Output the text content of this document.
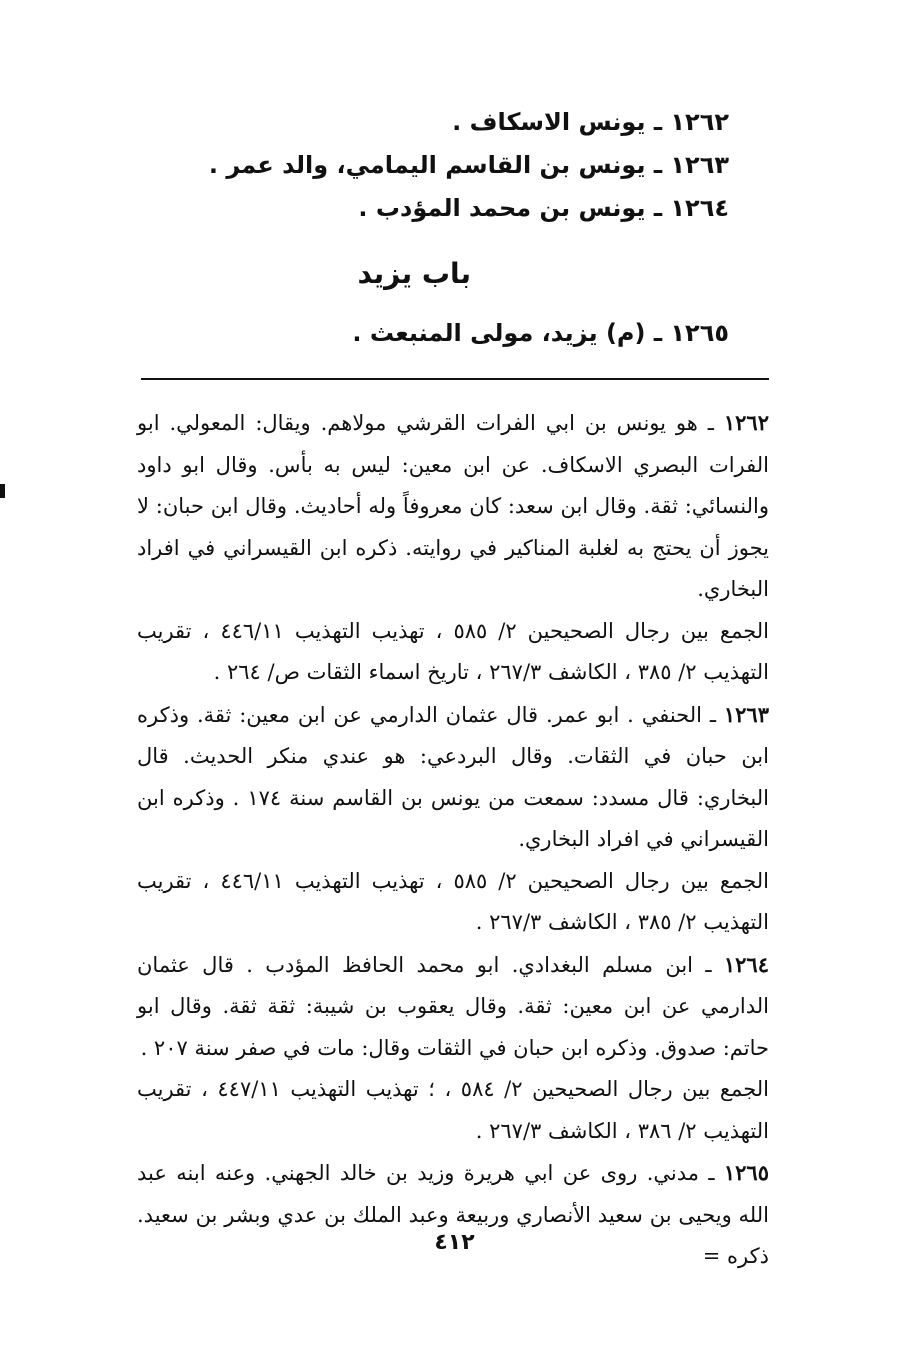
١٢٦٢ ـ يونس الاسكاف .
١٢٦٣ ـ يونس بن القاسم اليمامي، والد عمر .
١٢٦٤ ـ يونس بن محمد المؤدب .
باب يزيد
١٢٦٥ ـ (م) يزيد، مولى المنبعث .

١٢٦٢ ـ هو يونس بن ابي الفرات القرشي مولاهم. ويقال: المعولي. ابو الفرات البصري الاسكاف. عن ابن معين: ليس به بأس. وقال ابو داود والنسائي: ثقة. وقال ابن سعد: كان معروفاً وله أحاديث. وقال ابن حبان: لا يجوز أن يحتج به لغلبة المناكير في روايته. ذكره ابن القيسراني في افراد البخاري.

الجمع بين رجال الصحيحين ٢/ ٥٨٥ ، تهذيب التهذيب ٤٤٦/١١ ، تقريب التهذيب ٢/ ٣٨٥ ، الكاشف ٢٦٧/٣ ، تاريخ اسماء الثقات ص/ ٢٦٤ .

١٢٦٣ ـ الحنفي . ابو عمر. قال عثمان الدارمي عن ابن معين: ثقة. وذكره ابن حبان في الثقات. وقال البردعي: هو عندي منكر الحديث. قال البخاري: قال مسدد: سمعت من يونس بن القاسم سنة ١٧٤ . وذكره ابن القيسراني في افراد البخاري.

الجمع بين رجال الصحيحين ٢/ ٥٨٥ ، تهذيب التهذيب ٤٤٦/١١ ، تقريب التهذيب ٢/ ٣٨٥ ، الكاشف ٢٦٧/٣ .

١٢٦٤ ـ ابن مسلم البغدادي. ابو محمد الحافظ المؤدب . قال عثمان الدارمي عن ابن معين: ثقة. وقال يعقوب بن شيبة: ثقة ثقة. وقال ابو حاتم: صدوق. وذكره ابن حبان في الثقات وقال: مات في صفر سنة ٢٠٧ .

الجمع بين رجال الصحيحين ٢/ ٥٨٤ ، ؛ تهذيب التهذيب ٤٤٧/١١ ، تقريب التهذيب ٢/ ٣٨٦ ، الكاشف ٢٦٧/٣ .

١٢٦٥ ـ مدني. روى عن ابي هريرة وزيد بن خالد الجهني. وعنه ابنه عبد الله ويحيى بن سعيد الأنصاري وربيعة وعبد الملك بن عدي وبشر بن سعيد. ذكره =

٤١٢
